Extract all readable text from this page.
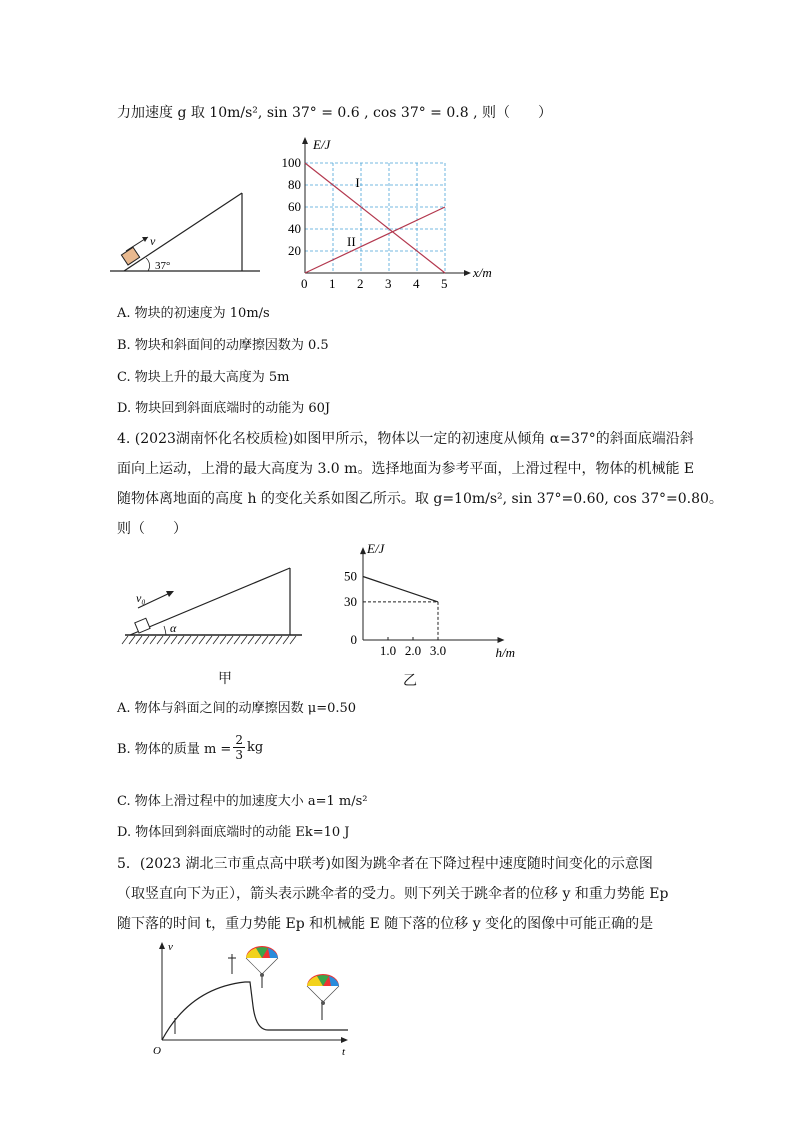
力加速度 g 取 10m/s², sin 37° = 0.6 , cos 37° = 0.8 , 则（　　）
v
37°
0 1 2 3 4 5
20
40
60
80
100
I
II
E/J
x/m
A. 物块的初速度为 10m/s
B. 物块和斜面间的动摩擦因数为 0.5
C. 物块上升的最大高度为 5m
D. 物块回到斜面底端时的动能为 60J
4. (2023湖南怀化名校质检)如图甲所示，物体以一定的初速度从倾角 α=37°的斜面底端沿斜
面向上运动，上滑的最大高度为 3.0 m。选择地面为参考平面，上滑过程中，物体的机械能 E
随物体离地面的高度 h 的变化关系如图乙所示。取 g=10m/s², sin 37°=0.60, cos 37°=0.80。
则（　　）
v₀
α
甲
1.0 2.0 3.0
0
30
50
E/J
h/m
乙
A. 物体与斜面之间的动摩擦因数 μ=0.50
B. 物体的质量 $m = \frac{2}{3}$ kg
C. 物体上滑过程中的加速度大小 a=1 m/s²
D. 物体回到斜面底端时的动能 Ek=10 J
5．(2023 湖北三市重点高中联考)如图为跳伞者在下降过程中速度随时间变化的示意图
（取竖直向下为正），箭头表示跳伞者的受力。则下列关于跳伞者的位移 y 和重力势能 Ep
随下落的时间 t，重力势能 Ep 和机械能 E 随下落的位移 y 变化的图像中可能正确的是
v
t
O
